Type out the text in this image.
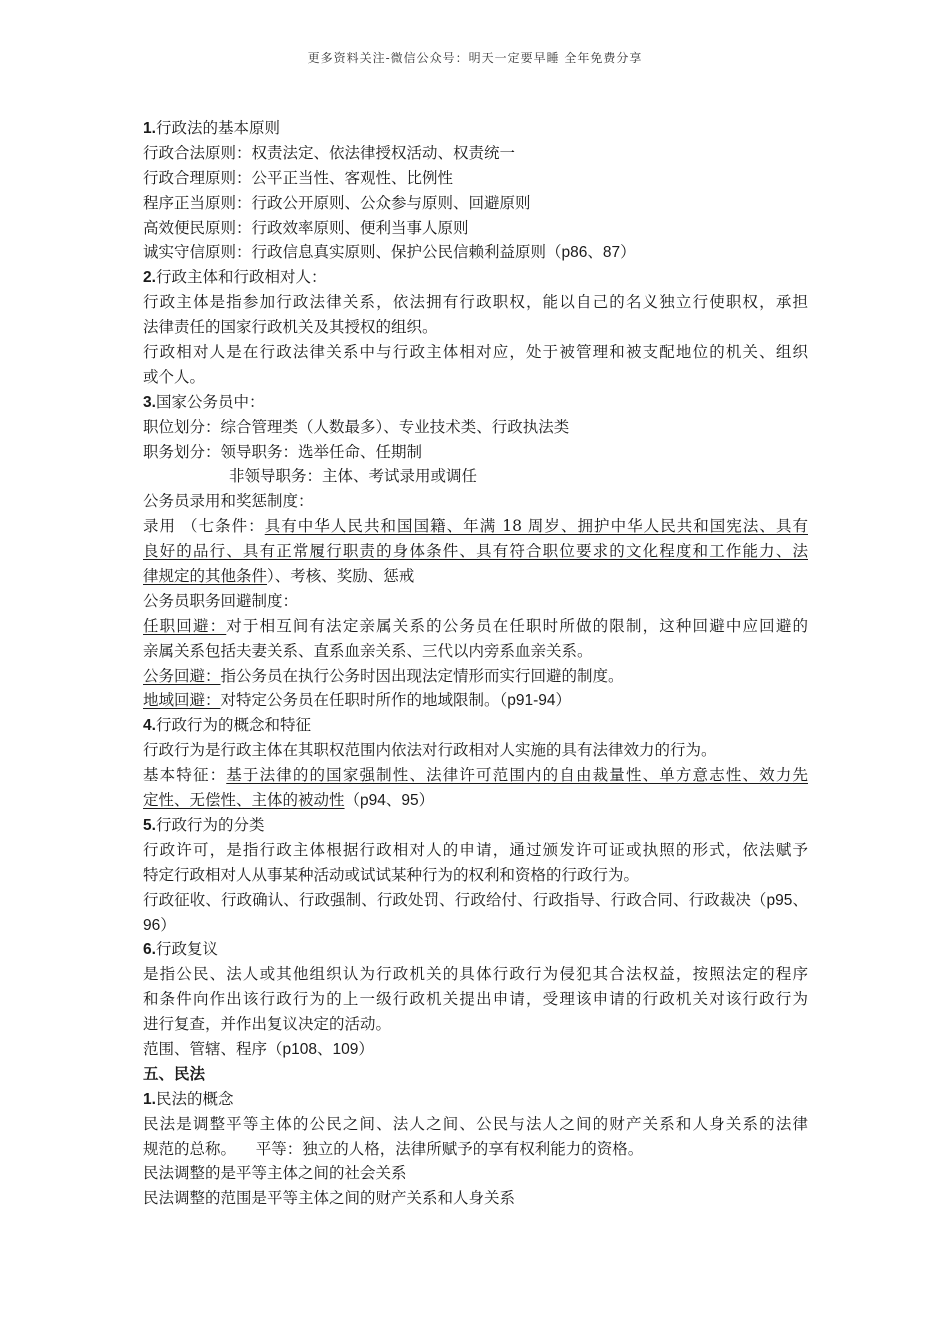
更多资料关注-微信公众号：明天一定要早睡 全年免费分享
1.行政法的基本原则
行政合法原则：权责法定、依法律授权活动、权责统一
行政合理原则：公平正当性、客观性、比例性
程序正当原则：行政公开原则、公众参与原则、回避原则
高效便民原则：行政效率原则、便利当事人原则
诚实守信原则：行政信息真实原则、保护公民信赖利益原则（p86、87）
2.行政主体和行政相对人：
行政主体是指参加行政法律关系，依法拥有行政职权，能以自己的名义独立行使职权，承担
法律责任的国家行政机关及其授权的组织。
行政相对人是在行政法律关系中与行政主体相对应，处于被管理和被支配地位的机关、组织
或个人。
3.国家公务员中：
职位划分：综合管理类（人数最多）、专业技术类、行政执法类
职务划分：领导职务：选举任命、任期制
非领导职务：主体、考试录用或调任
公务员录用和奖惩制度：
录用 （七条件：具有中华人民共和国国籍、年满 18 周岁、拥护中华人民共和国宪法、具有
良好的品行、具有正常履行职责的身体条件、具有符合职位要求的文化程度和工作能力、法
律规定的其他条件）、考核、奖励、惩戒
公务员职务回避制度：
任职回避：对于相互间有法定亲属关系的公务员在任职时所做的限制，这种回避中应回避的
亲属关系包括夫妻关系、直系血亲关系、三代以内旁系血亲关系。
公务回避：指公务员在执行公务时因出现法定情形而实行回避的制度。
地域回避：对特定公务员在任职时所作的地域限制。（p91-94）
4.行政行为的概念和特征
行政行为是行政主体在其职权范围内依法对行政相对人实施的具有法律效力的行为。
基本特征：基于法律的的国家强制性、法律许可范围内的自由裁量性、单方意志性、效力先
定性、无偿性、主体的被动性（p94、95）
5.行政行为的分类
行政许可，是指行政主体根据行政相对人的申请，通过颁发许可证或执照的形式，依法赋予
特定行政相对人从事某种活动或试试某种行为的权利和资格的行政行为。
行政征收、行政确认、行政强制、行政处罚、行政给付、行政指导、行政合同、行政裁决（p95、
96）
6.行政复议
是指公民、法人或其他组织认为行政机关的具体行政行为侵犯其合法权益，按照法定的程序
和条件向作出该行政行为的上一级行政机关提出申请，受理该申请的行政机关对该行政行为
进行复查，并作出复议决定的活动。
范围、管辖、程序（p108、109）
五、民法
1.民法的概念
民法是调整平等主体的公民之间、法人之间、公民与法人之间的财产关系和人身关系的法律
规范的总称。    平等：独立的人格，法律所赋予的享有权利能力的资格。
民法调整的是平等主体之间的社会关系
民法调整的范围是平等主体之间的财产关系和人身关系
